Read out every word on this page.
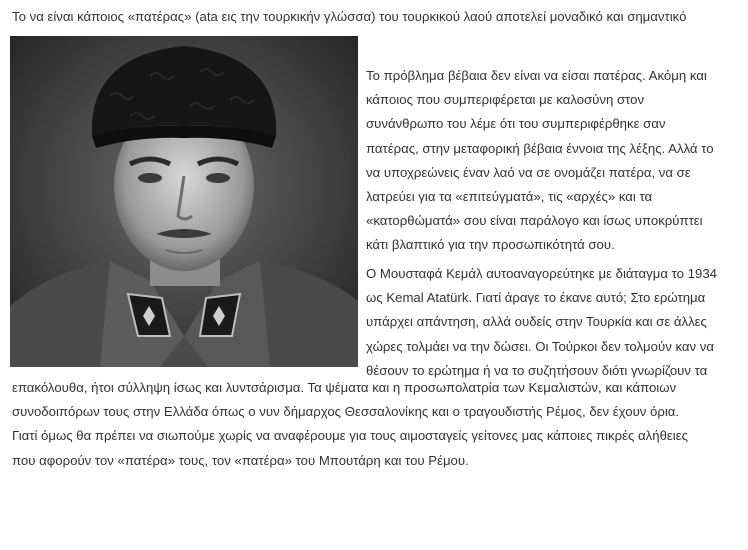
Το να είναι κάποιος «πατέρας» (ata εις την τουρκικήν γλώσσα) του τουρκικού λαού αποτελεί μοναδικό και σημαντικό
Το πρόβλημα βέβαια δεν είναι να είσαι πατέρας. Ακόμη και
κάποιος που συμπεριφέρεται με καλοσύνη στον
συνάνθρωπο του λέμε ότι του συμπεριφέρθηκε σαν
πατέρας, στην μεταφορική βέβαια έννοια της λέξης. Αλλά το
να υποχρεώνεις έναν λαό να σε ονομάζει πατέρα, να σε
λατρεύει για τα «επιτεύγματά», τις «αρχές» και τα
«κατορθώματά» σου είναι παράλογο και ίσως υποκρύπτει
κάτι βλαπτικό για την προσωπικότητά σου.
Ο Μουσταφά Κεμάλ αυτοαναγορεύτηκε με διάταγμα το 1934
ως Kemal Atatürk. Γιατί άραγε το έκανε αυτό; Στο ερώτημα
υπάρχει απάντηση, αλλά ουδείς στην Τουρκία και σε άλλες
χώρες τολμάει να την δώσει. Οι Τούρκοι δεν τολμούν καν να
θέσουν το ερώτημα ή να το συζητήσουν διότι γνωρίζουν τα
επακόλουθα, ήτοι σύλληψη ίσως και λυντσάρισμα. Τα ψέματα και η προσωπολατρία των Κεμαλιστών, και κάποιων
συνοδοιπόρων τους στην Ελλάδα όπως ο νυν δήμαρχος Θεσσαλονίκης και ο τραγουδιστής Ρέμος, δεν έχουν όρια.
Γιατί όμως θα πρέπει να σιωπούμε χωρίς να αναφέρουμε για τους αιμοσταγείς γείτονες μας κάποιες πικρές αλήθειες
που αφορούν τον «πατέρα» τους, τον «πατέρα» του Μπουτάρη και του Ρέμου.
